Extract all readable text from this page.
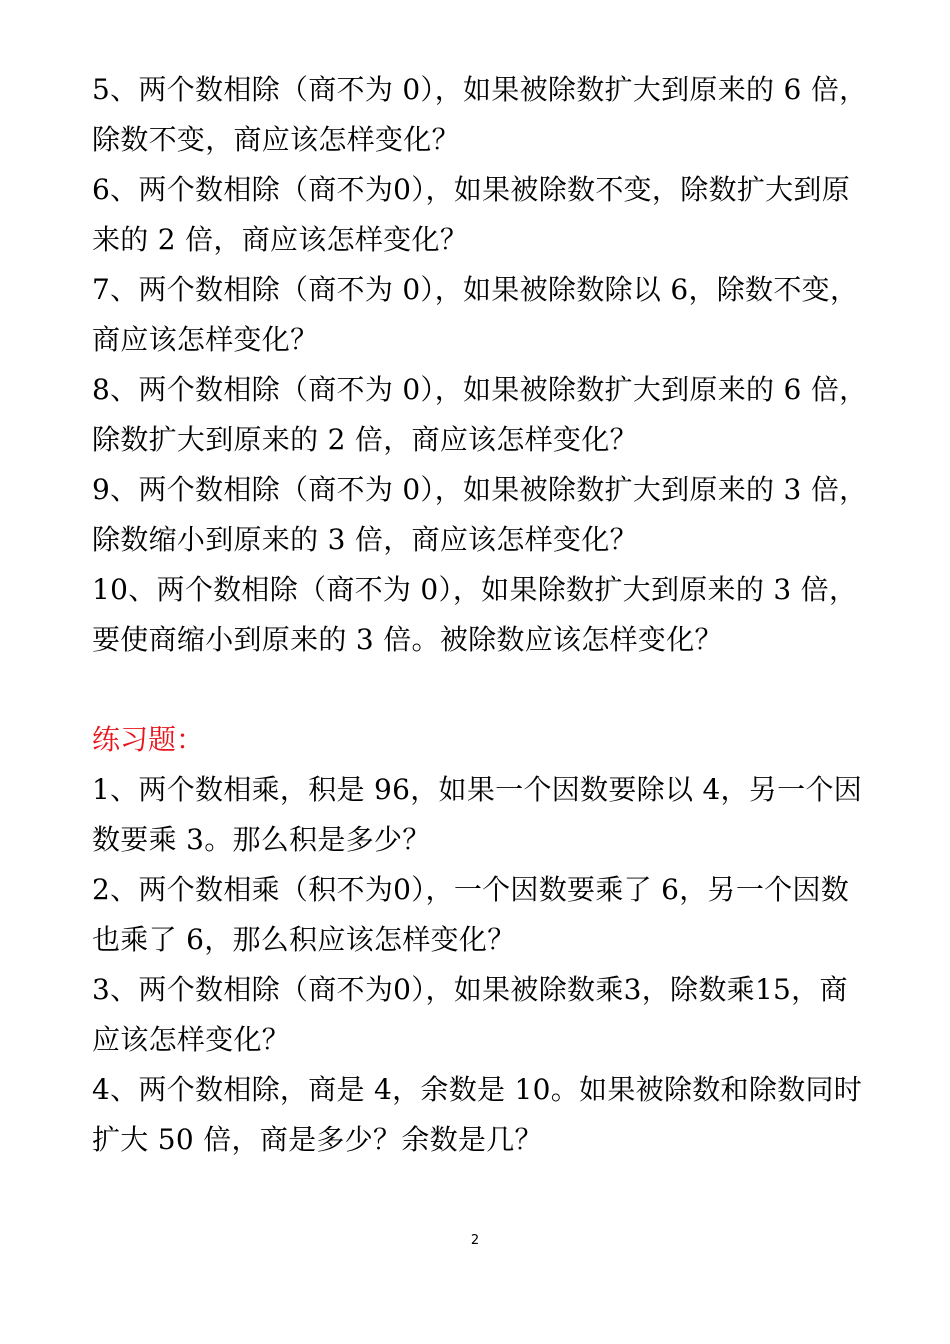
5、两个数相除（商不为 0），如果被除数扩大到原来的 6 倍，
除数不变，商应该怎样变化？
6、两个数相除（商不为0），如果被除数不变，除数扩大到原
来的 2 倍，商应该怎样变化？
7、两个数相除（商不为 0），如果被除数除以 6，除数不变，
商应该怎样变化？
8、两个数相除（商不为 0），如果被除数扩大到原来的 6 倍，
除数扩大到原来的 2 倍，商应该怎样变化？
9、两个数相除（商不为 0），如果被除数扩大到原来的 3 倍，
除数缩小到原来的 3 倍，商应该怎样变化？
10、两个数相除（商不为 0），如果除数扩大到原来的 3 倍，
要使商缩小到原来的 3 倍。被除数应该怎样变化？
练习题：
1、两个数相乘，积是 96，如果一个因数要除以 4，另一个因
数要乘 3。那么积是多少？
2、两个数相乘（积不为0），一个因数要乘了 6，另一个因数
也乘了 6，那么积应该怎样变化？
3、两个数相除（商不为0），如果被除数乘3，除数乘15，商
应该怎样变化？
4、两个数相除，商是 4，余数是 10。如果被除数和除数同时
扩大 50 倍，商是多少？余数是几？
2
